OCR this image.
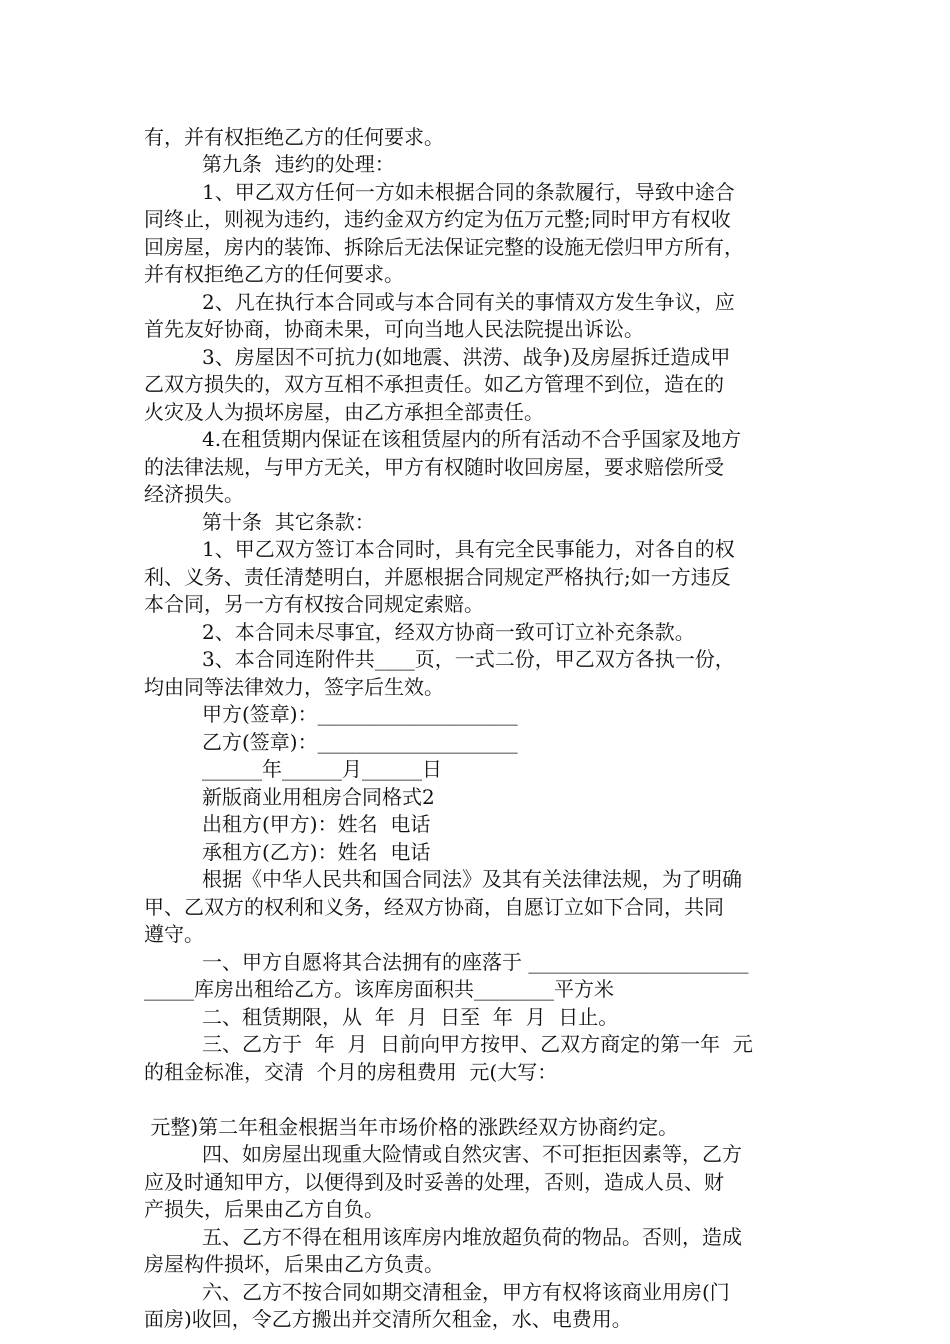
有，并有权拒绝乙方的任何要求。

第九条  违约的处理：

1、甲乙双方任何一方如未根据合同的条款履行，导致中途合

同终止，则视为违约，违约金双方约定为伍万元整;同时甲方有权收

回房屋，房内的装饰、拆除后无法保证完整的设施无偿归甲方所有，

并有权拒绝乙方的任何要求。

2、凡在执行本合同或与本合同有关的事情双方发生争议，应

首先友好协商，协商未果，可向当地人民法院提出诉讼。

3、房屋因不可抗力(如地震、洪涝、战争)及房屋拆迁造成甲

乙双方损失的，双方互相不承担责任。如乙方管理不到位，造在的

火灾及人为损坏房屋，由乙方承担全部责任。

4.在租赁期内保证在该租赁屋内的所有活动不合乎国家及地方

的法律法规，与甲方无关，甲方有权随时收回房屋，要求赔偿所受

经济损失。

第十条  其它条款：

1、甲乙双方签订本合同时，具有完全民事能力，对各自的权

利、义务、责任清楚明白，并愿根据合同规定严格执行;如一方违反

本合同，另一方有权按合同规定索赔。

2、本合同未尽事宜，经双方协商一致可订立补充条款。

3、本合同连附件共____页，一式二份，甲乙双方各执一份，

均由同等法律效力，签字后生效。

甲方(签章)：____________________

乙方(签章)：____________________

______年______月______日

新版商业用租房合同格式2

出租方(甲方)：姓名  电话

承租方(乙方)：姓名  电话

根据《中华人民共和国合同法》及其有关法律法规，为了明确

甲、乙双方的权利和义务，经双方协商，自愿订立如下合同，共同

遵守。

一、甲方自愿将其合法拥有的座落于 ______________________

_____库房出租给乙方。该库房面积共________平方米

二、租赁期限，从  年  月  日至  年  月  日止。

三、乙方于  年  月  日前向甲方按甲、乙双方商定的第一年  元

的租金标准，交清  个月的房租费用  元(大写：

元整)第二年租金根据当年市场价格的涨跌经双方协商约定。

四、如房屋出现重大险情或自然灾害、不可拒拒因素等，乙方

应及时通知甲方，以便得到及时妥善的处理，否则，造成人员、财

产损失，后果由乙方自负。

五、乙方不得在租用该库房内堆放超负荷的物品。否则，造成

房屋构件损坏，后果由乙方负责。

六、乙方不按合同如期交清租金，甲方有权将该商业用房(门

面房)收回，令乙方搬出并交清所欠租金，水、电费用。
